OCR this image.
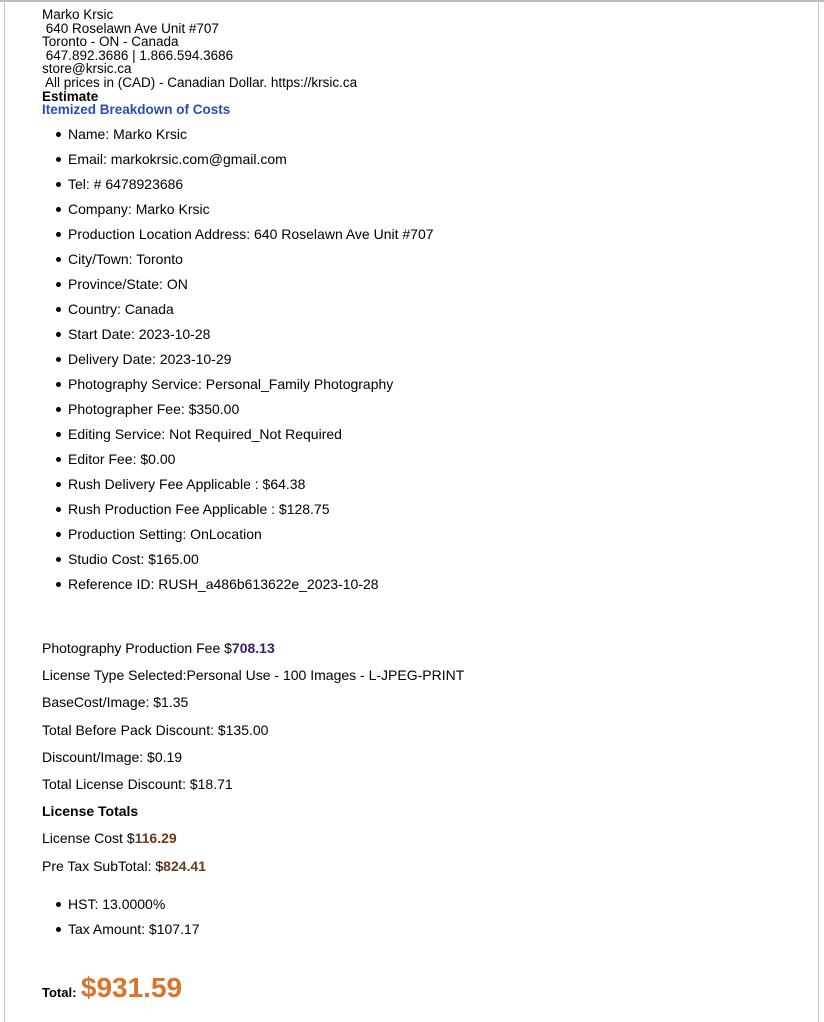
Marko Krsic
640 Roselawn Ave Unit #707
Toronto - ON - Canada
647.892.3686 | 1.866.594.3686
store@krsic.ca
All prices in (CAD) - Canadian Dollar. https://krsic.ca
Estimate
Itemized Breakdown of Costs
Name: Marko Krsic
Email: markokrsic.com@gmail.com
Tel: # 6478923686
Company: Marko Krsic
Production Location Address: 640 Roselawn Ave Unit #707
City/Town: Toronto
Province/State: ON
Country: Canada
Start Date: 2023-10-28
Delivery Date: 2023-10-29
Photography Service: Personal_Family Photography
Photographer Fee: $350.00
Editing Service: Not Required_Not Required
Editor Fee: $0.00
Rush Delivery Fee Applicable : $64.38
Rush Production Fee Applicable : $128.75
Production Setting: OnLocation
Studio Cost: $165.00
Reference ID: RUSH_a486b613622e_2023-10-28
Photography Production Fee $708.13
License Type Selected:Personal Use - 100 Images - L-JPEG-PRINT
BaseCost/Image: $1.35
Total Before Pack Discount: $135.00
Discount/Image: $0.19
Total License Discount: $18.71
License Totals
License Cost $116.29
Pre Tax SubTotal: $824.41
HST: 13.0000%
Tax Amount: $107.17
Total: $931.59
